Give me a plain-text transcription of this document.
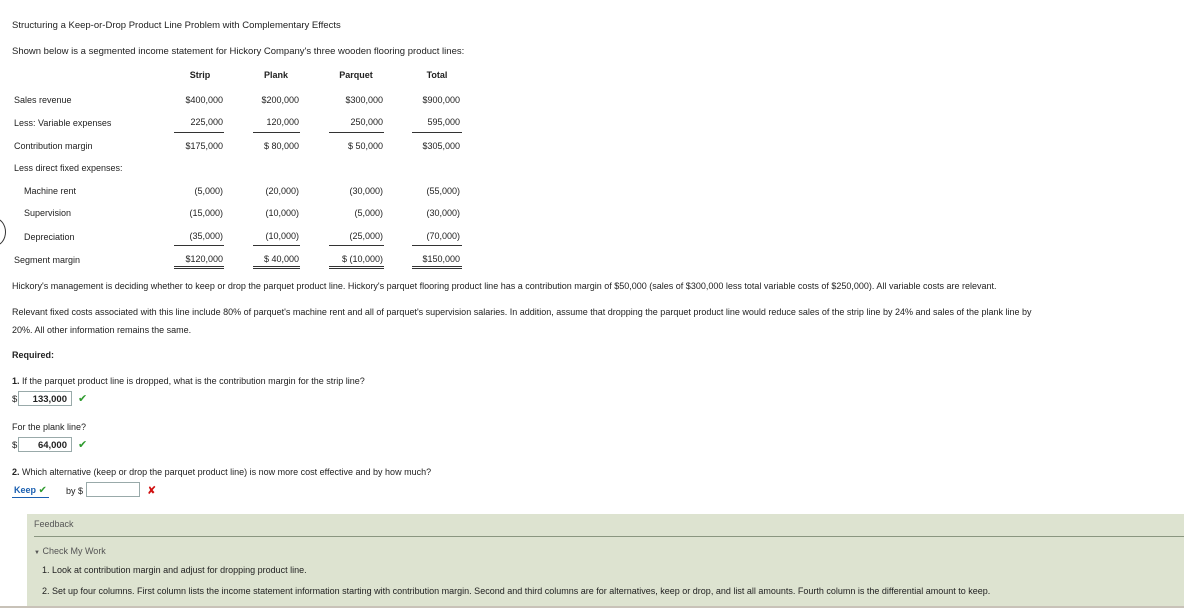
Structuring a Keep-or-Drop Product Line Problem with Complementary Effects
Shown below is a segmented income statement for Hickory Company's three wooden flooring product lines:
Strip	Plank	Parquet	Total
Sales revenue	$400,000	$200,000	$300,000	$900,000
Less: Variable expenses	225,000	120,000	250,000	595,000
Contribution margin	$175,000	$ 80,000	$ 50,000	$305,000
Less direct fixed expenses:
Machine rent	(5,000)	(20,000)	(30,000)	(55,000)
Supervision	(15,000)	(10,000)	(5,000)	(30,000)
Depreciation	(35,000)	(10,000)	(25,000)	(70,000)
Segment margin	$120,000	$ 40,000	$ (10,000)	$150,000
Hickory's management is deciding whether to keep or drop the parquet product line. Hickory's parquet flooring product line has a contribution margin of $50,000 (sales of $300,000 less total variable costs of $250,000). All variable costs are relevant.
Relevant fixed costs associated with this line include 80% of parquet's machine rent and all of parquet's supervision salaries. In addition, assume that dropping the parquet product line would reduce sales of the strip line by 24% and sales of the plank line by
20%. All other information remains the same.
Required:
1. If the parquet product line is dropped, what is the contribution margin for the strip line?
$	133,000	✔
For the plank line?
$	64,000	✔
2. Which alternative (keep or drop the parquet product line) is now more cost effective and by how much?
Keep ✔ by $	✘
Feedback
▼ Check My Work
1. Look at contribution margin and adjust for dropping product line.
2. Set up four columns. First column lists the income statement information starting with contribution margin. Second and third columns are for alternatives, keep or drop, and list all amounts. Fourth column is the differential amount to keep.
